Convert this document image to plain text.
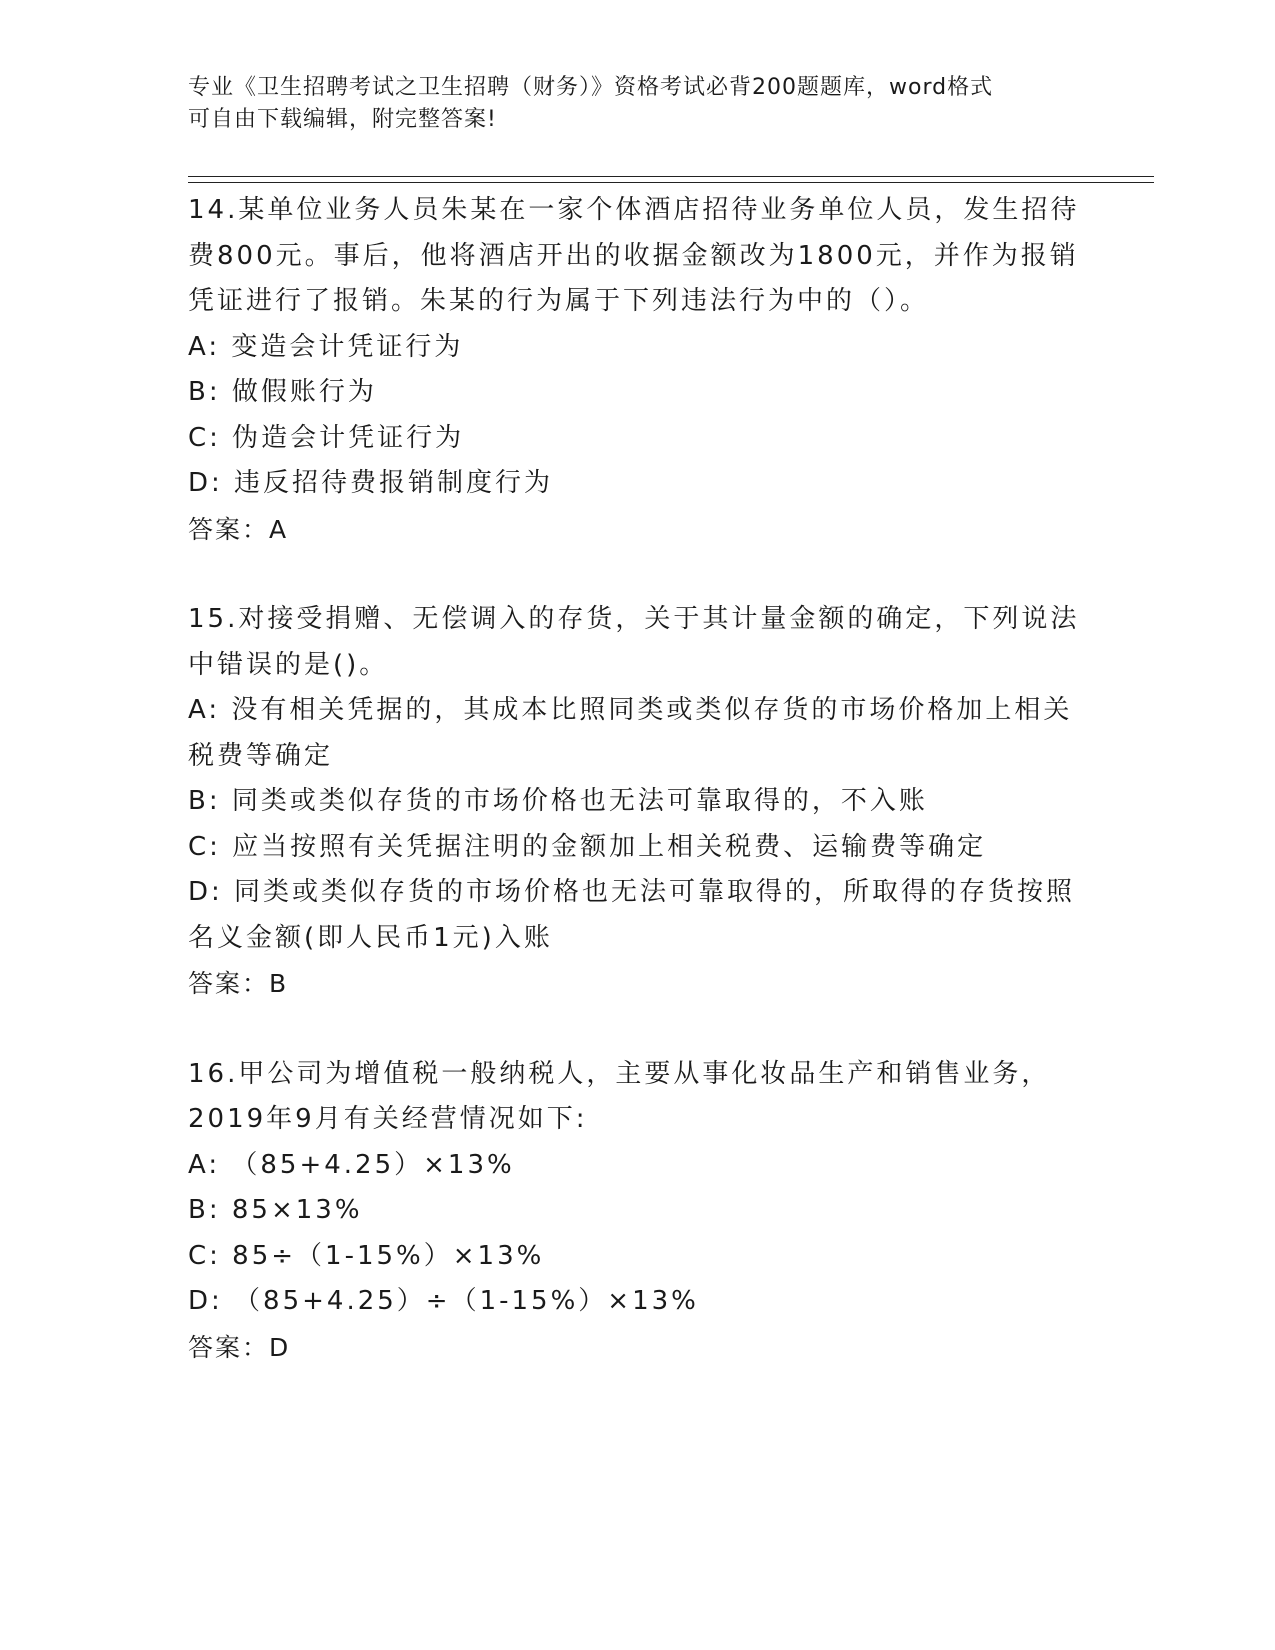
专业《卫生招聘考试之卫生招聘（财务）》资格考试必背200题题库，word格式
可自由下载编辑，附完整答案!
14.某单位业务人员朱某在一家个体酒店招待业务单位人员，发生招待费800元。事后，他将酒店开出的收据金额改为1800元，并作为报销凭证进行了报销。朱某的行为属于下列违法行为中的（）。
A: 变造会计凭证行为
B: 做假账行为
C: 伪造会计凭证行为
D: 违反招待费报销制度行为
答案：A
15.对接受捐赠、无偿调入的存货，关于其计量金额的确定，下列说法中错误的是()。
A: 没有相关凭据的，其成本比照同类或类似存货的市场价格加上相关税费等确定
B: 同类或类似存货的市场价格也无法可靠取得的，不入账
C: 应当按照有关凭据注明的金额加上相关税费、运输费等确定
D: 同类或类似存货的市场价格也无法可靠取得的，所取得的存货按照名义金额(即人民币1元)入账
答案：B
16.甲公司为增值税一般纳税人，主要从事化妆品生产和销售业务，2019年9月有关经营情况如下:
A: （85+4.25）×13%
B: 85×13%
C: 85÷（1-15%）×13%
D: （85+4.25）÷（1-15%）×13%
答案：D
